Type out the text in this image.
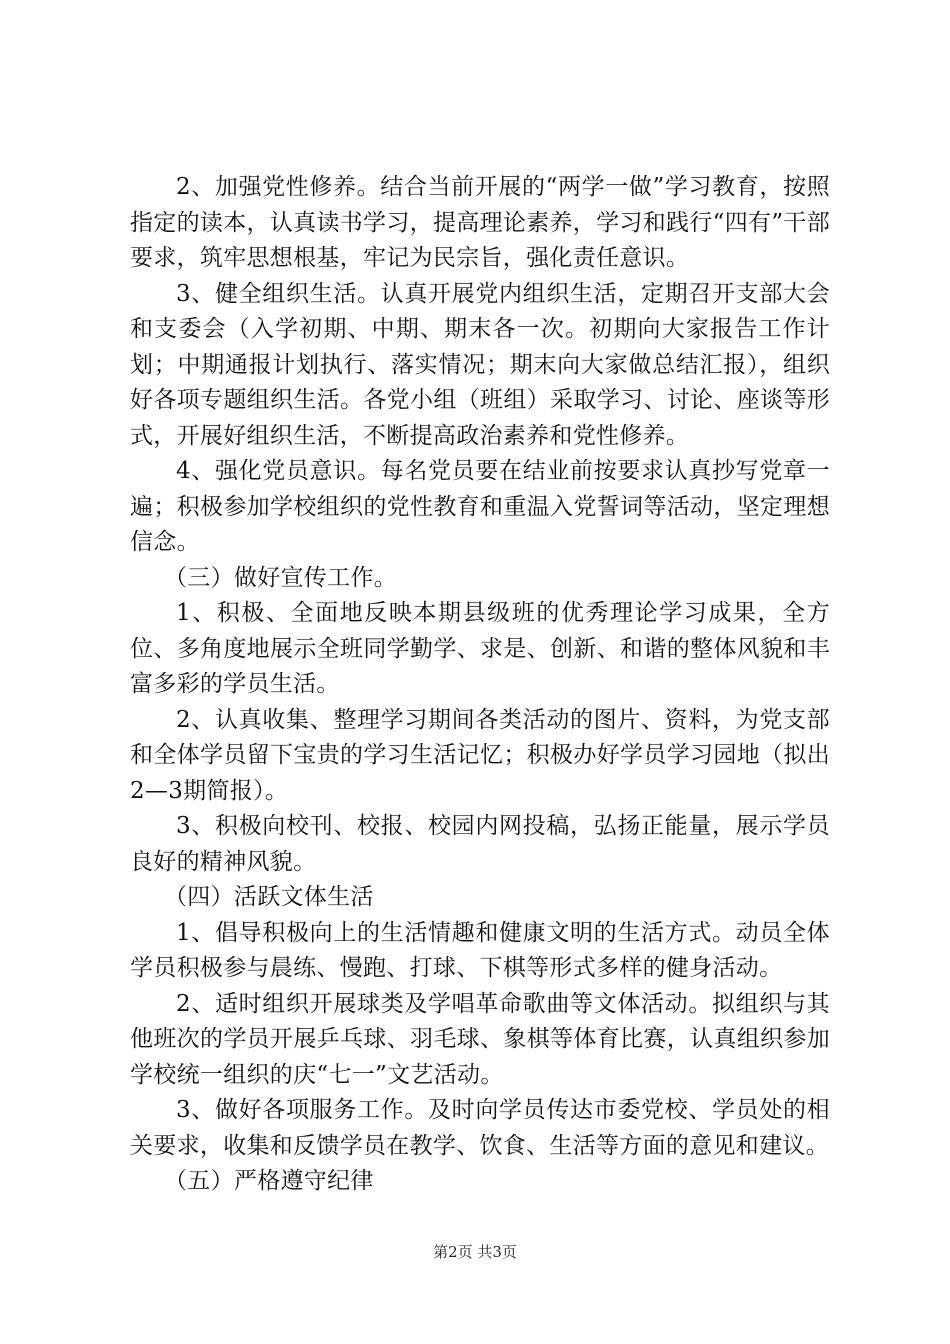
2、加强党性修养。结合当前开展的“两学一做”学习教育，按照指定的读本，认真读书学习，提高理论素养，学习和践行“四有”干部要求，筑牢思想根基，牢记为民宗旨，强化责任意识。

3、健全组织生活。认真开展党内组织生活，定期召开支部大会和支委会（入学初期、中期、期末各一次。初期向大家报告工作计划；中期通报计划执行、落实情况；期末向大家做总结汇报），组织好各项专题组织生活。各党小组（班组）采取学习、讨论、座谈等形式，开展好组织生活，不断提高政治素养和党性修养。

4、强化党员意识。每名党员要在结业前按要求认真抄写党章一遍；积极参加学校组织的党性教育和重温入党誓词等活动，坚定理想信念。

（三）做好宣传工作。

1、积极、全面地反映本期县级班的优秀理论学习成果，全方位、多角度地展示全班同学勤学、求是、创新、和谐的整体风貌和丰富多彩的学员生活。

2、认真收集、整理学习期间各类活动的图片、资料，为党支部和全体学员留下宝贵的学习生活记忆；积极办好学员学习园地（拟出2—3期简报）。

3、积极向校刊、校报、校园内网投稿，弘扬正能量，展示学员良好的精神风貌。

（四）活跃文体生活

1、倡导积极向上的生活情趣和健康文明的生活方式。动员全体学员积极参与晨练、慢跑、打球、下棋等形式多样的健身活动。

2、适时组织开展球类及学唱革命歌曲等文体活动。拟组织与其他班次的学员开展乒乓球、羽毛球、象棋等体育比赛，认真组织参加学校统一组织的庆“七一”文艺活动。

3、做好各项服务工作。及时向学员传达市委党校、学员处的相关要求，收集和反馈学员在教学、饮食、生活等方面的意见和建议。

（五）严格遵守纪律

第2页 共3页
